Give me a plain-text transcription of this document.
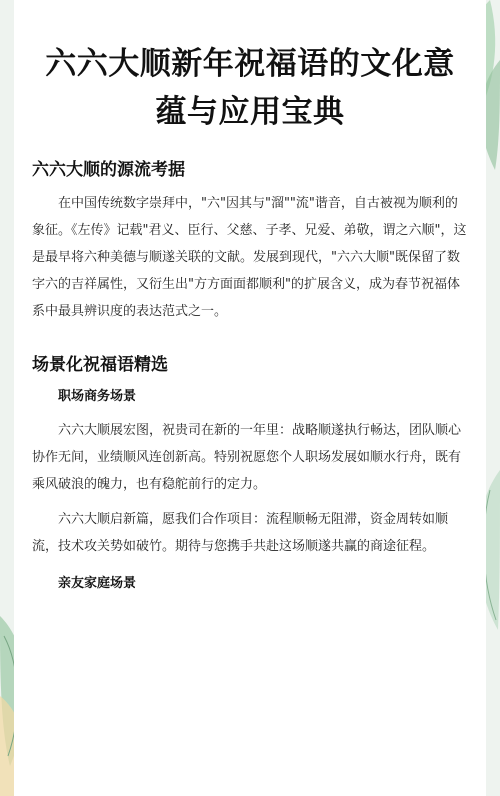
六六大顺新年祝福语的文化意蕴与应用宝典
六六大顺的源流考据

在中国传统数字崇拜中，"六"因其与"溜""流"谐音，自古被视为顺利的象征。《左传》记载"君义、臣行、父慈、子孝、兄爱、弟敬，谓之六顺"，这是最早将六种美德与顺遂关联的文献。发展到现代，"六六大顺"既保留了数字六的吉祥属性，又衍生出"方方面面都顺利"的扩展含义，成为春节祝福体系中最具辨识度的表达范式之一。

场景化祝福语精选
职场商务场景

六六大顺展宏图，祝贵司在新的一年里：战略顺遂执行畅达，团队顺心协作无间，业绩顺风连创新高。特别祝愿您个人职场发展如顺水行舟，既有乘风破浪的魄力，也有稳舵前行的定力。

六六大顺启新篇，愿我们合作项目：流程顺畅无阻滞，资金周转如顺流，技术攻关势如破竹。期待与您携手共赴这场顺遂共赢的商途征程。

亲友家庭场景
